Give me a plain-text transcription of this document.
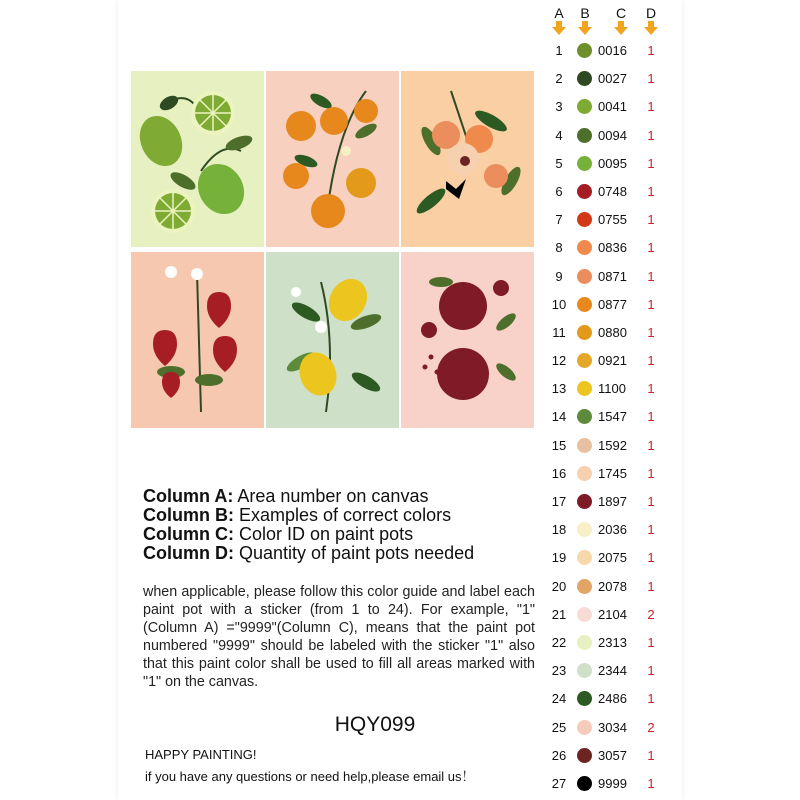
Column A: Area number on canvas
Column B: Examples of correct colors
Column C: Color ID on paint pots
Column D: Quantity of paint pots needed
when applicable, please follow this color guide and label each paint pot with a sticker (from 1 to 24). For example, "1"(Column A) ="9999"(Column C), means that the paint pot numbered "9999" should be labeled with the sticker "1" also that this paint color shall be used to fill all areas marked with "1" on the canvas.
HQY099
HAPPY PAINTING!
if you have any questions or need help,please email us！
A B C D
1	0016 1
2	0027 1
3	0041 1
4	0094 1
5	0095 1
6	0748 1
7	0755 1
8	0836 1
9	0871 1
10 0877 1
11	0880 1
12 0921 1
13 1100 1
14 1547 1
15 1592 1
16 1745 1
17 1897 1
18 2036 1
19 2075 1
20 2078 1
21 2104 2
22 2313 1
23 2344 1
24 2486 1
25 3034 2
26 3057 1
27 9999 1
